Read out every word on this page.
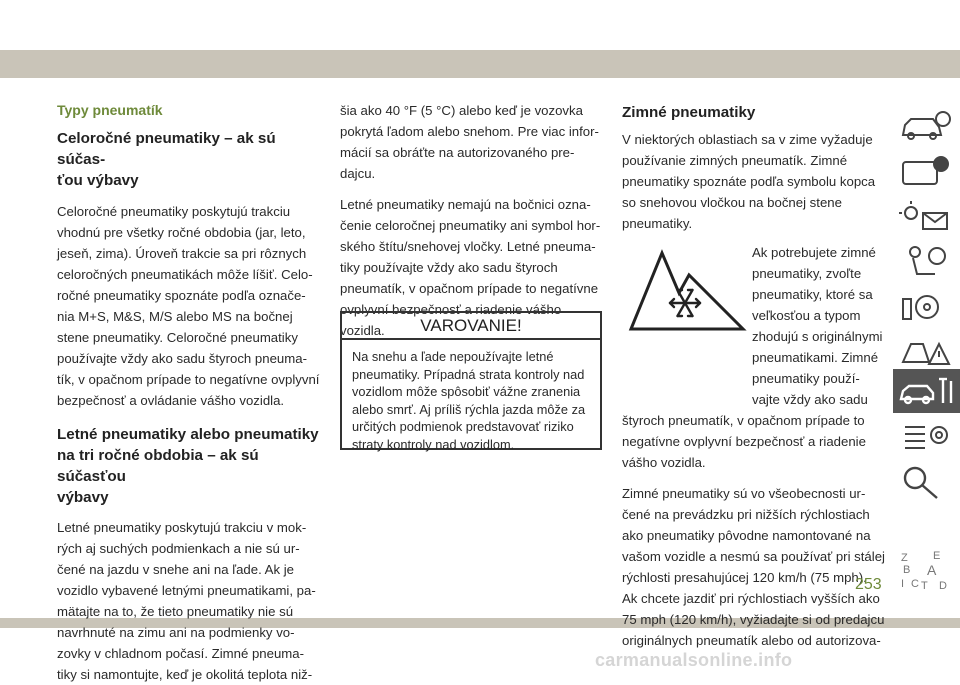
Typy pneumatík

Celoročné pneumatiky – ak sú súčas-
ťou výbavy

Celoročné pneumatiky poskytujú trakciu
vhodnú pre všetky ročné obdobia (jar, leto,
jeseň, zima). Úroveň trakcie sa pri rôznych
celoročných pneumatikách môže líšiť. Celo-
ročné pneumatiky spoznáte podľa označe-
nia M+S, M&S, M/S alebo MS na bočnej
stene pneumatiky. Celoročné pneumatiky
používajte vždy ako sadu štyroch pneuma-
tík, v opačnom prípade to negatívne ovplyvní
bezpečnosť a ovládanie vášho vozidla.

Letné pneumatiky alebo pneumatiky
na tri ročné obdobia – ak sú súčasťou
výbavy

Letné pneumatiky poskytujú trakciu v mok-
rých aj suchých podmienkach a nie sú ur-
čené na jazdu v snehe ani na ľade. Ak je
vozidlo vybavené letnými pneumatikami, pa-
mätajte na to, že tieto pneumatiky nie sú
navrhnuté na zimu ani na podmienky vo-
zovky v chladnom počasí. Zimné pneuma-
tiky si namontujte, keď je okolitá teplota niž-

šia ako 40 °F (5 °C) alebo keď je vozovka
pokrytá ľadom alebo snehom. Pre viac infor-
mácií sa obráťte na autorizovaného pre-
dajcu.

Letné pneumatiky nemajú na bočnici ozna-
čenie celoročnej pneumatiky ani symbol hor-
ského štítu/snehovej vločky. Letné pneuma-
tiky používajte vždy ako sadu štyroch
pneumatík, v opačnom prípade to negatívne
ovplyvní bezpečnosť a riadenie vášho
vozidla.	VAROVANIE!

Na snehu a ľade nepoužívajte letné
pneumatiky. Prípadná strata kontroly nad
vozidlom môže spôsobiť vážne zranenia
alebo smrť. Aj príliš rýchla jazda môže za
určitých podmienok predstavovať riziko
straty kontroly nad vozidlom.

Zimné pneumatiky

V niektorých oblastiach sa v zime vyžaduje
používanie zimných pneumatík. Zimné
pneumatiky spoznáte podľa symbolu kopca
so snehovou vločkou na bočnej stene
pneumatiky.

Ak potrebujete zimné
pneumatiky, zvoľte
pneumatiky, ktoré sa
veľkosťou a typom
zhodujú s originálnymi
pneumatikami. Zimné
pneumatiky použí-
vajte vždy ako sadu

štyroch pneumatík, v opačnom prípade to
negatívne ovplyvní bezpečnosť a riadenie
vášho vozidla.

Zimné pneumatiky sú vo všeobecnosti ur-
čené na prevádzku pri nižších rýchlostiach
ako pneumatiky pôvodne namontované na
vašom vozidle a nesmú sa používať pri stálej
rýchlosti presahujúcej 120 km/h (75 mph).
Ak chcete jazdiť pri rýchlostiach vyšších ako
75 mph (120 km/h), vyžiadajte si od predajcu
originálnych pneumatík alebo od autorizova-

Z E
B A
I C T D

253

carmanualsonline.info
